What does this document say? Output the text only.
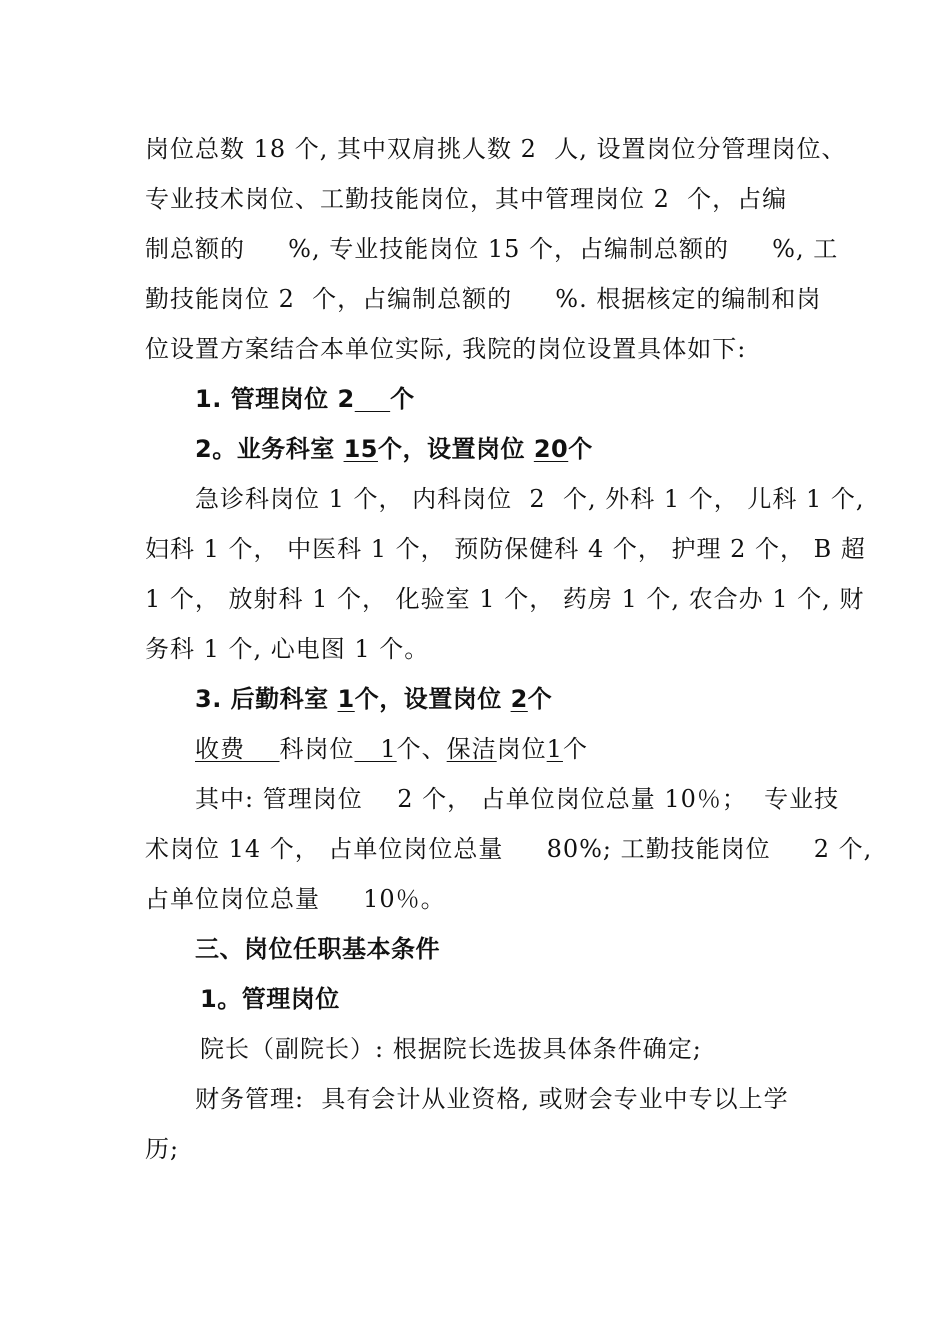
岗位总数 18 个, 其中双肩挑人数 2  人, 设置岗位分管理岗位、
专业技术岗位、工勤技能岗位，其中管理岗位 2  个，占编
制总额的     %, 专业技能岗位 15 个，占编制总额的     %, 工
勤技能岗位 2  个，占编制总额的     %. 根据核定的编制和岗
位设置方案结合本单位实际, 我院的岗位设置具体如下:
1. 管理岗位 2 个
2。业务科室 15个，设置岗位 20个
急诊科岗位 1 个， 内科岗位  2  个, 外科 1 个， 儿科 1 个,
妇科 1 个， 中医科 1 个， 预防保健科 4 个， 护理 2 个， B 超
1 个， 放射科 1 个， 化验室 1 个， 药房 1 个, 农合办 1 个, 财
务科 1 个, 心电图 1 个。
3. 后勤科室 1个，设置岗位 2个
收费 科岗位   1个、保洁岗位1个
其中: 管理岗位    2 个， 占单位岗位总量 10％；  专业技
术岗位 14 个， 占单位岗位总量     80%; 工勤技能岗位     2 个,
占单位岗位总量     10％。
三、岗位任职基本条件
1。管理岗位
院长（副院长）: 根据院长选拔具体条件确定;
财务管理:  具有会计从业资格, 或财会专业中专以上学
历;
